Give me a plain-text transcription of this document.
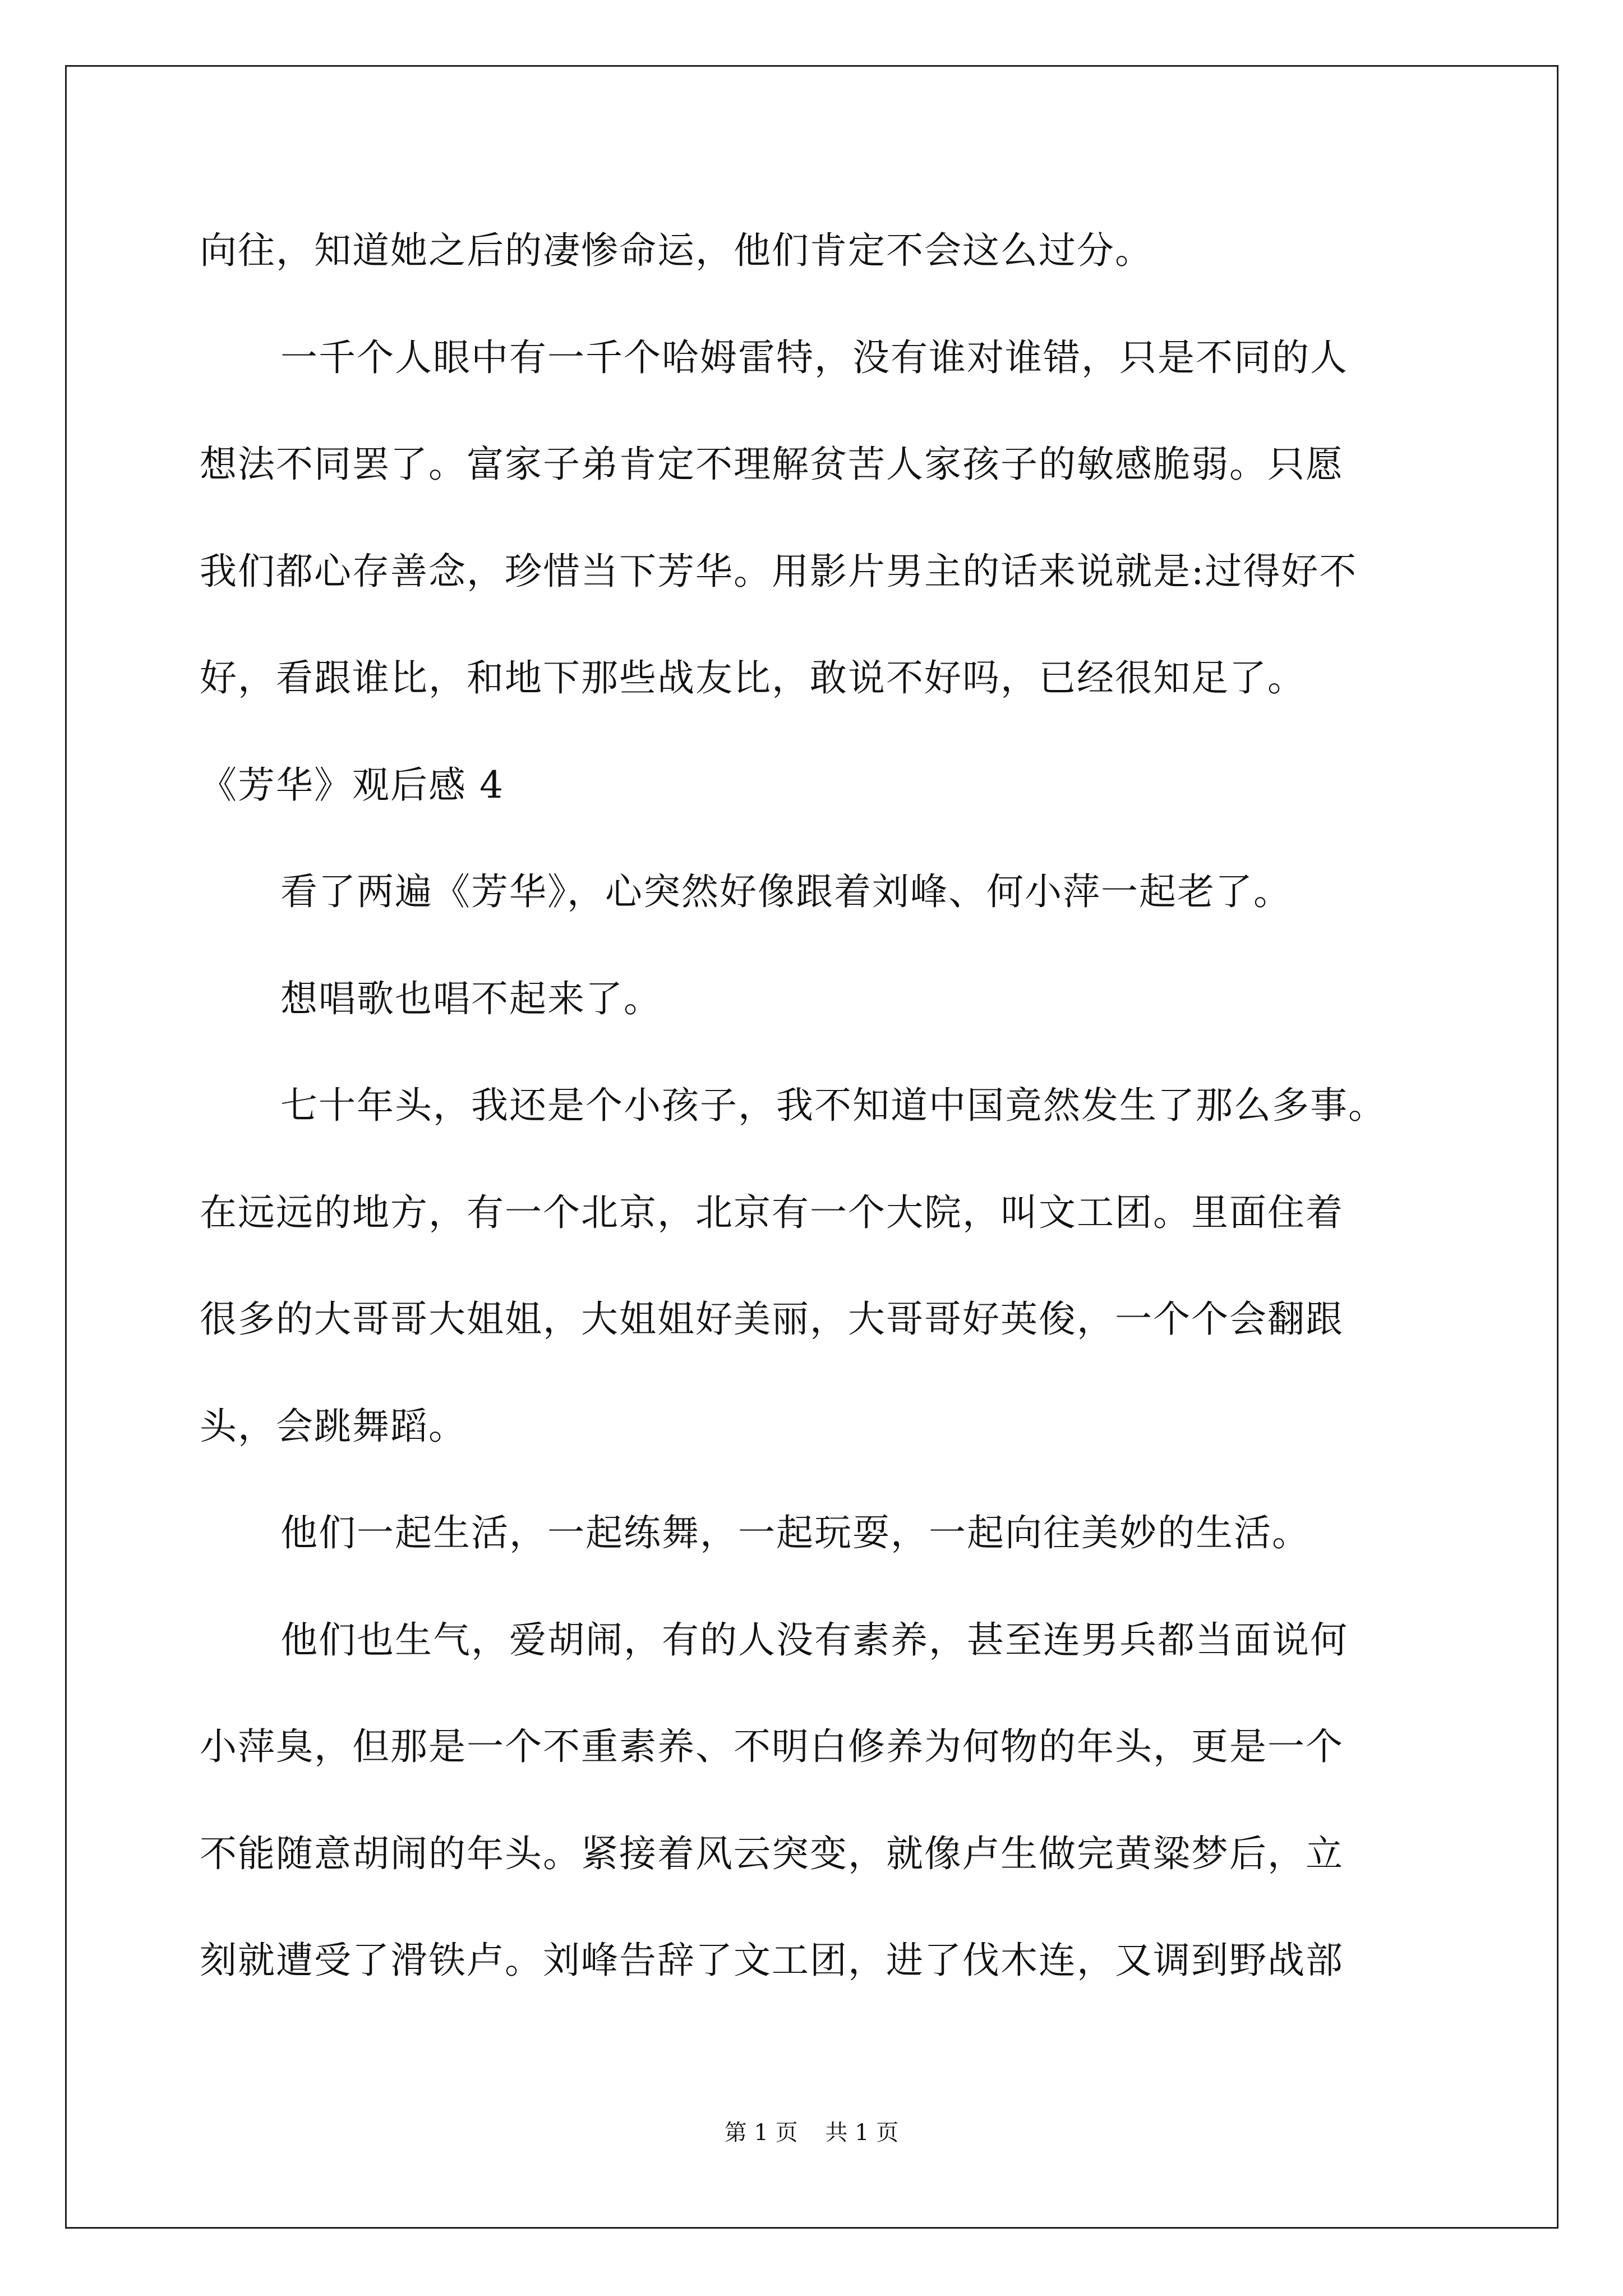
向往，知道她之后的凄惨命运，他们肯定不会这么过分。
一千个人眼中有一千个哈姆雷特，没有谁对谁错，只是不同的人
想法不同罢了。富家子弟肯定不理解贫苦人家孩子的敏感脆弱。只愿
我们都心存善念，珍惜当下芳华。用影片男主的话来说就是:过得好不
好，看跟谁比，和地下那些战友比，敢说不好吗，已经很知足了。
《芳华》观后感 4
看了两遍《芳华》，心突然好像跟着刘峰、何小萍一起老了。
想唱歌也唱不起来了。
七十年头，我还是个小孩子，我不知道中国竟然发生了那么多事。
在远远的地方，有一个北京，北京有一个大院，叫文工团。里面住着
很多的大哥哥大姐姐，大姐姐好美丽，大哥哥好英俊，一个个会翻跟
头，会跳舞蹈。
他们一起生活，一起练舞，一起玩耍，一起向往美妙的生活。
他们也生气，爱胡闹，有的人没有素养，甚至连男兵都当面说何
小萍臭，但那是一个不重素养、不明白修养为何物的年头，更是一个
不能随意胡闹的年头。紧接着风云突变，就像卢生做完黄粱梦后，立
刻就遭受了滑铁卢。刘峰告辞了文工团，进了伐木连，又调到野战部
第 1 页 共 1 页
